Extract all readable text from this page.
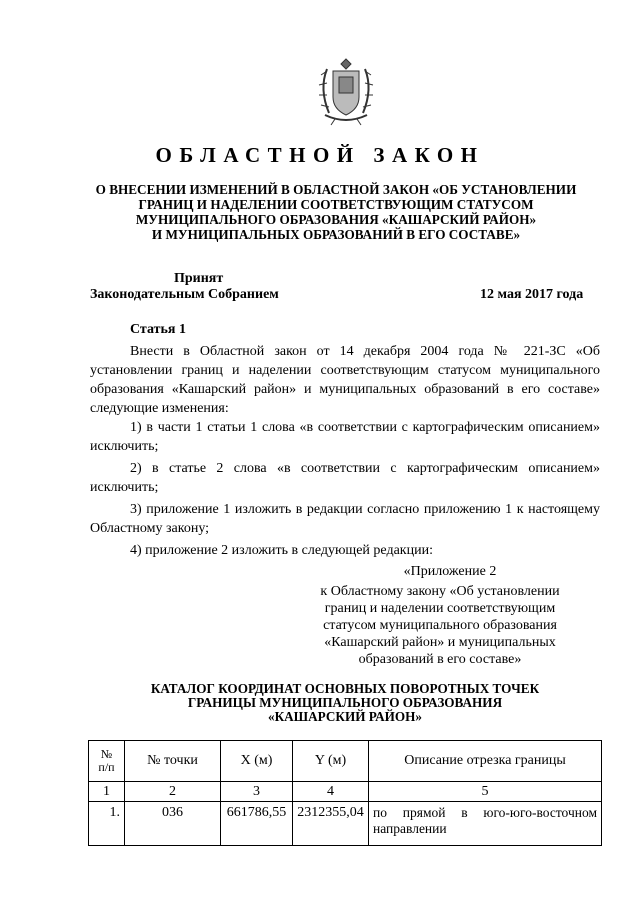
ОБЛАСТНОЙ ЗАКОН
О ВНЕСЕНИИ ИЗМЕНЕНИЙ В ОБЛАСТНОЙ ЗАКОН «ОБ УСТАНОВЛЕНИИ
ГРАНИЦ И НАДЕЛЕНИИ СООТВЕТСТВУЮЩИМ СТАТУСОМ
МУНИЦИПАЛЬНОГО ОБРАЗОВАНИЯ «КАШАРСКИЙ РАЙОН»
И МУНИЦИПАЛЬНЫХ ОБРАЗОВАНИЙ В ЕГО СОСТАВЕ»
Принят
Законодательным Собранием	12 мая 2017 года
Статья 1
Внести в Областной закон от 14 декабря 2004 года № 221-ЗС «Об установлении границ и наделении соответствующим статусом муниципального образования «Кашарский район» и муниципальных образований в его составе» следующие изменения:
1) в части 1 статьи 1 слова «в соответствии с картографическим описанием» исключить;
2) в статье 2 слова «в соответствии с картографическим описанием» исключить;
3) приложение 1 изложить в редакции согласно приложению 1 к настоящему Областному закону;
4) приложение 2 изложить в следующей редакции:
«Приложение 2
к Областному закону «Об установлении
границ и наделении соответствующим
статусом муниципального образования
«Кашарский район» и муниципальных
образований в его составе»
КАТАЛОГ КООРДИНАТ ОСНОВНЫХ ПОВОРОТНЫХ ТОЧЕК
ГРАНИЦЫ МУНИЦИПАЛЬНОГО ОБРАЗОВАНИЯ
«КАШАРСКИЙ РАЙОН»
№
п/п	№ точки	X (м)	Y (м)	Описание отрезка границы
1	2	3	4	5
1.	036	661786,55	2312355,04	по прямой в юго-юго-восточном направлении
